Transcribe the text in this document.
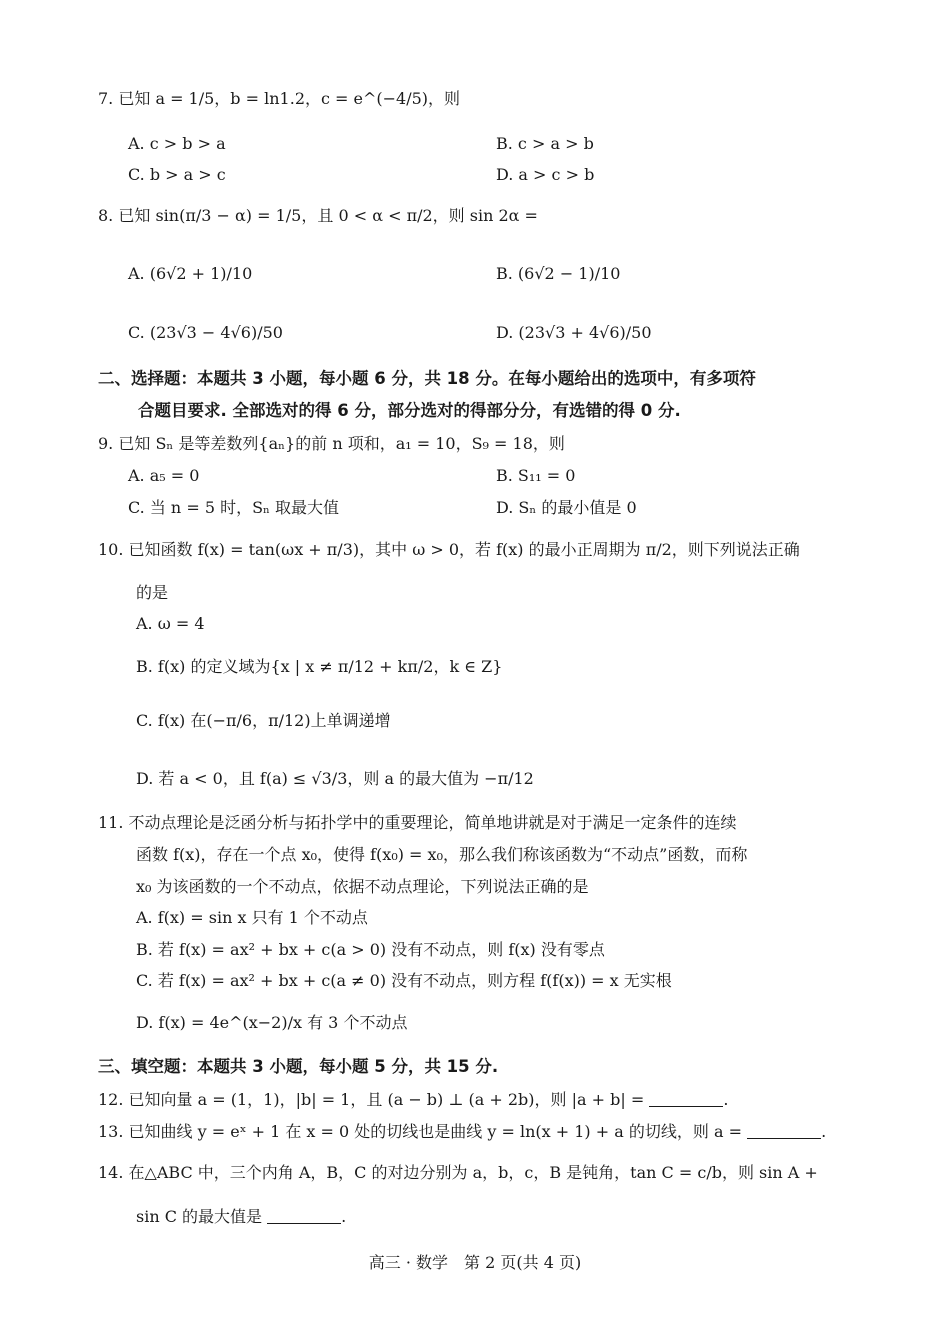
7. 已知 a = 1/5，b = ln1.2，c = e^(−4/5)，则
A. c > b > a	B. c > a > b
C. b > a > c	D. a > c > b
8. 已知 sin(π/3 − α) = 1/5，且 0 < α < π/2，则 sin 2α =
A. (6√2 + 1)/10	B. (6√2 − 1)/10
C. (23√3 − 4√6)/50	D. (23√3 + 4√6)/50
二、选择题：本题共 3 小题，每小题 6 分，共 18 分。在每小题给出的选项中，有多项符
合题目要求. 全部选对的得 6 分，部分选对的得部分分，有选错的得 0 分.
9. 已知 Sₙ 是等差数列{aₙ}的前 n 项和，a₁ = 10，S₉ = 18，则
A. a₅ = 0	B. S₁₁ = 0
C. 当 n = 5 时，Sₙ 取最大值	D. Sₙ 的最小值是 0
10. 已知函数 f(x) = tan(ωx + π/3)，其中 ω > 0，若 f(x) 的最小正周期为 π/2，则下列说法正确
的是
A. ω = 4
B. f(x) 的定义域为{x | x ≠ π/12 + kπ/2，k ∈ Z}
C. f(x) 在(−π/6，π/12)上单调递增
D. 若 a < 0，且 f(a) ≤ √3/3，则 a 的最大值为 −π/12
11. 不动点理论是泛函分析与拓扑学中的重要理论，简单地讲就是对于满足一定条件的连续
函数 f(x)，存在一个点 x₀，使得 f(x₀) = x₀，那么我们称该函数为“不动点”函数，而称
x₀ 为该函数的一个不动点，依据不动点理论，下列说法正确的是
A. f(x) = sin x 只有 1 个不动点
B. 若 f(x) = ax² + bx + c(a > 0) 没有不动点，则 f(x) 没有零点
C. 若 f(x) = ax² + bx + c(a ≠ 0) 没有不动点，则方程 f(f(x)) = x 无实根
D. f(x) = 4e^(x−2)/x 有 3 个不动点
三、填空题：本题共 3 小题，每小题 5 分，共 15 分.
12. 已知向量 a = (1，1)，|b| = 1，且 (a − b) ⊥ (a + 2b)，则 |a + b| =	.
13. 已知曲线 y = eˣ + 1 在 x = 0 处的切线也是曲线 y = ln(x + 1) + a 的切线，则 a =	.
14. 在△ABC 中，三个内角 A，B，C 的对边分别为 a，b，c，B 是钝角，tan C = c/b，则 sin A +
sin C 的最大值是	.
高三 · 数学　第 2 页(共 4 页)
